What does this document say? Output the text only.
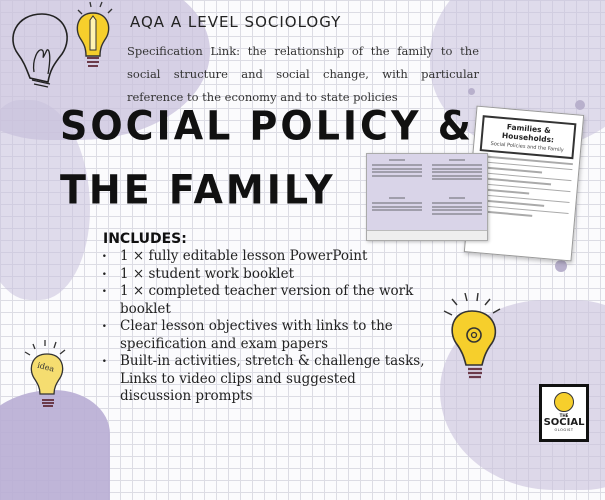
idea
AQA A LEVEL SOCIOLOGY
Specification Link: the relationship of the family to the social structure and social change, with particular reference to the economy and to state policies
SOCIAL POLICY &
THE FAMILY
INCLUDES:
. 1 × fully editable lesson PowerPoint
. 1 × student work booklet
. 1 × completed teacher version of the work booklet
. Clear lesson objectives with links to the specification and exam papers
. Built-in activities, stretch & challenge tasks, Links to video clips and suggested discussion prompts
Families & Households:
Social Policies and the Family
THE
SOCIAL
OLOGIST
